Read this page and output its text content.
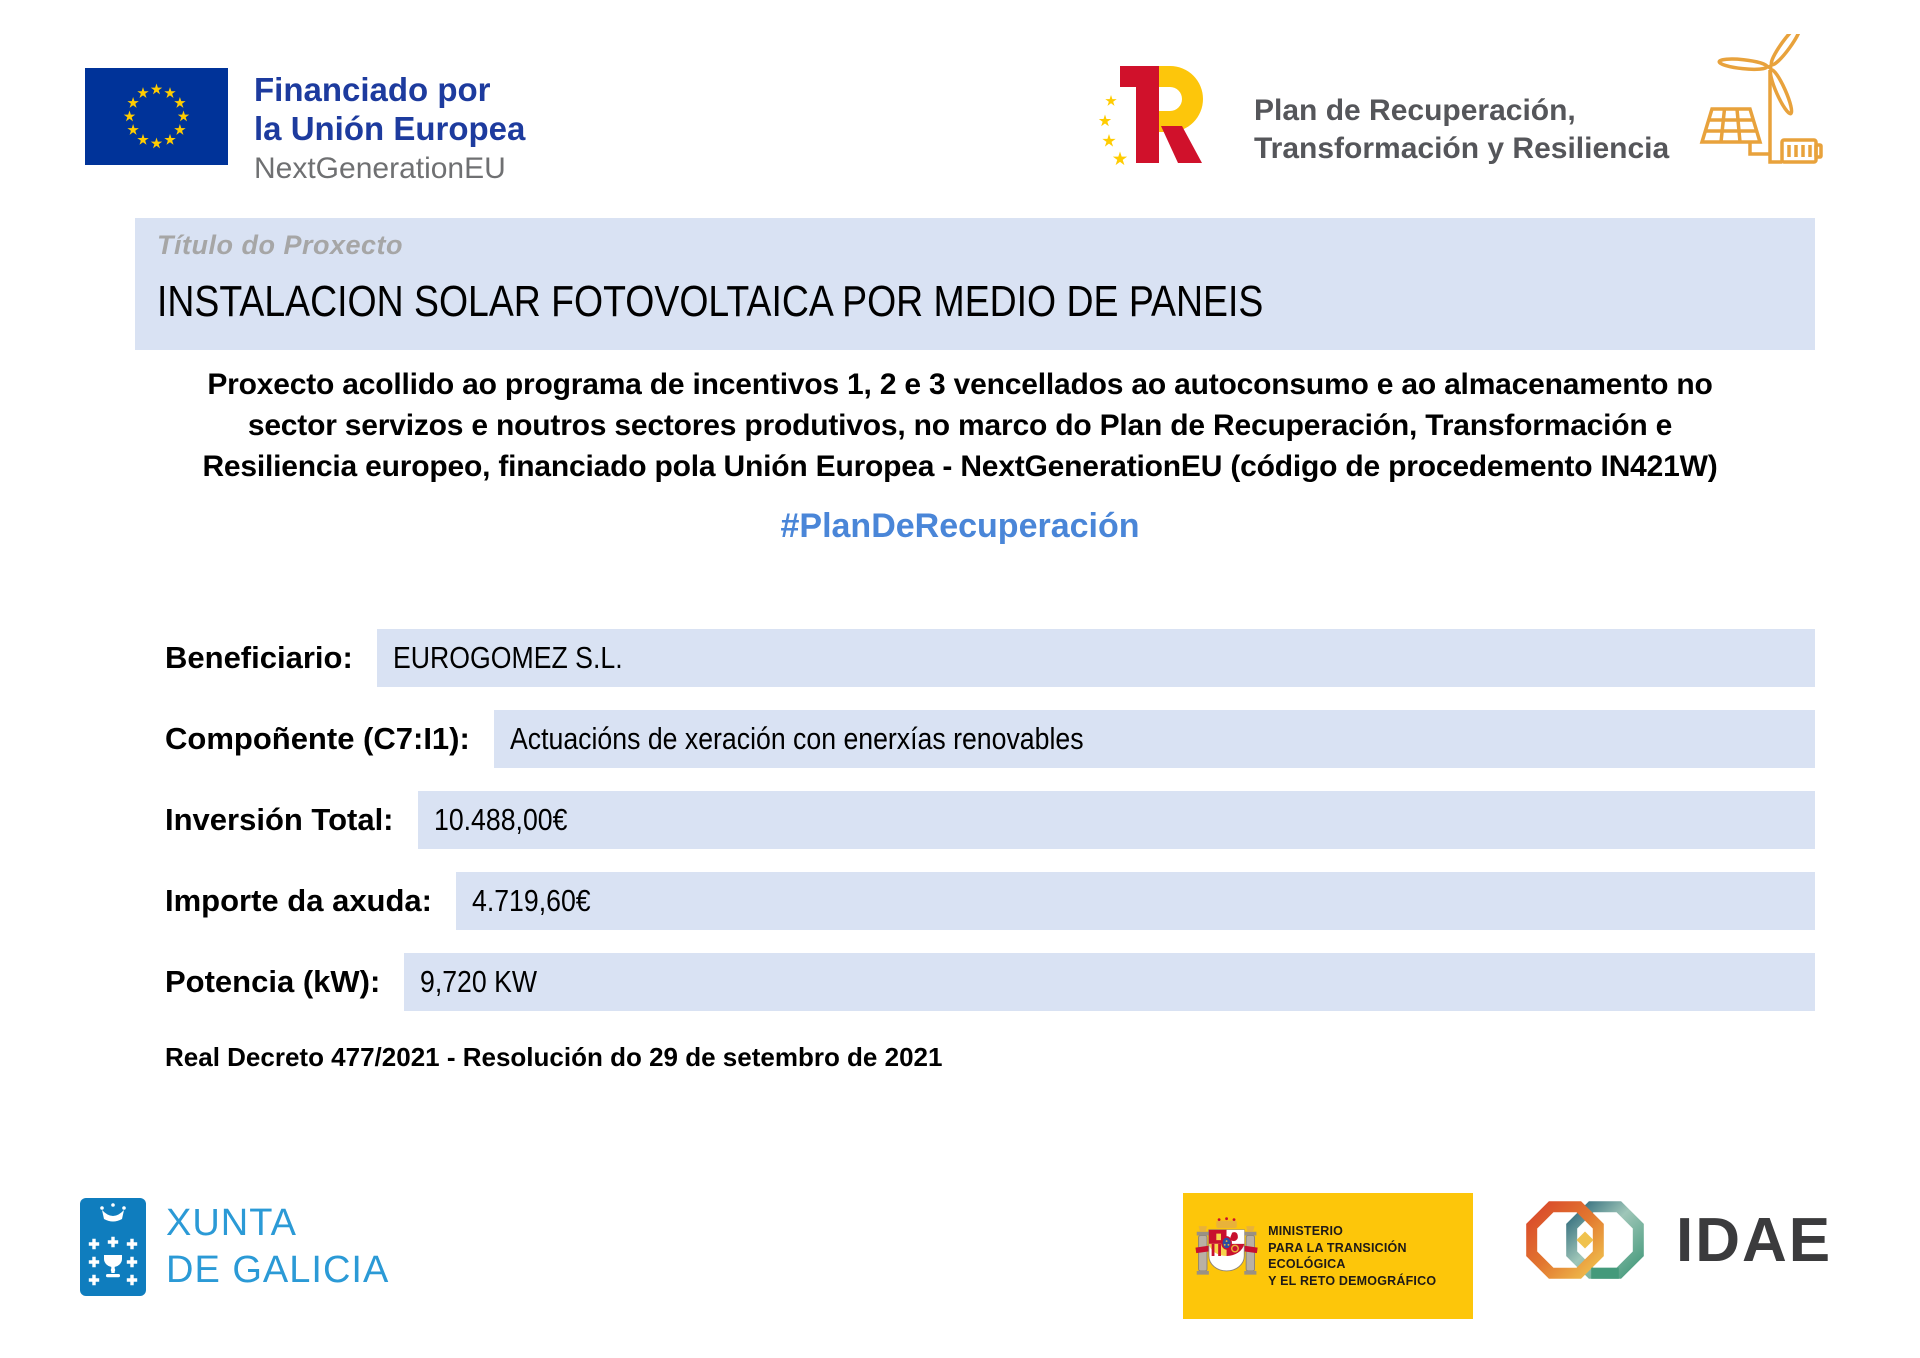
Financiado por
la Unión Europea
NextGenerationEU
Plan de Recuperación,
Transformación y Resiliencia
Título do Proxecto
INSTALACION SOLAR FOTOVOLTAICA POR MEDIO DE PANEIS
Proxecto acollido ao programa de incentivos 1, 2 e 3 vencellados ao autoconsumo e ao almacenamento no
sector servizos e noutros sectores produtivos, no marco do Plan de Recuperación, Transformación e
Resiliencia europeo, financiado pola Unión Europea - NextGenerationEU (código de procedemento IN421W)
#PlanDeRecuperación
Beneficiario:	EUROGOMEZ S.L.
Compoñente (C7:I1):	Actuacións de xeración con enerxías renovables
Inversión Total:	10.488,00€
Importe da axuda:	4.719,60€
Potencia (kW):	9,720 KW
Real Decreto 477/2021 - Resolución do 29 de setembro de 2021
XUNTA
DE GALICIA
MINISTERIO
PARA LA TRANSICIÓN ECOLÓGICA
Y EL RETO DEMOGRÁFICO
IDAE
